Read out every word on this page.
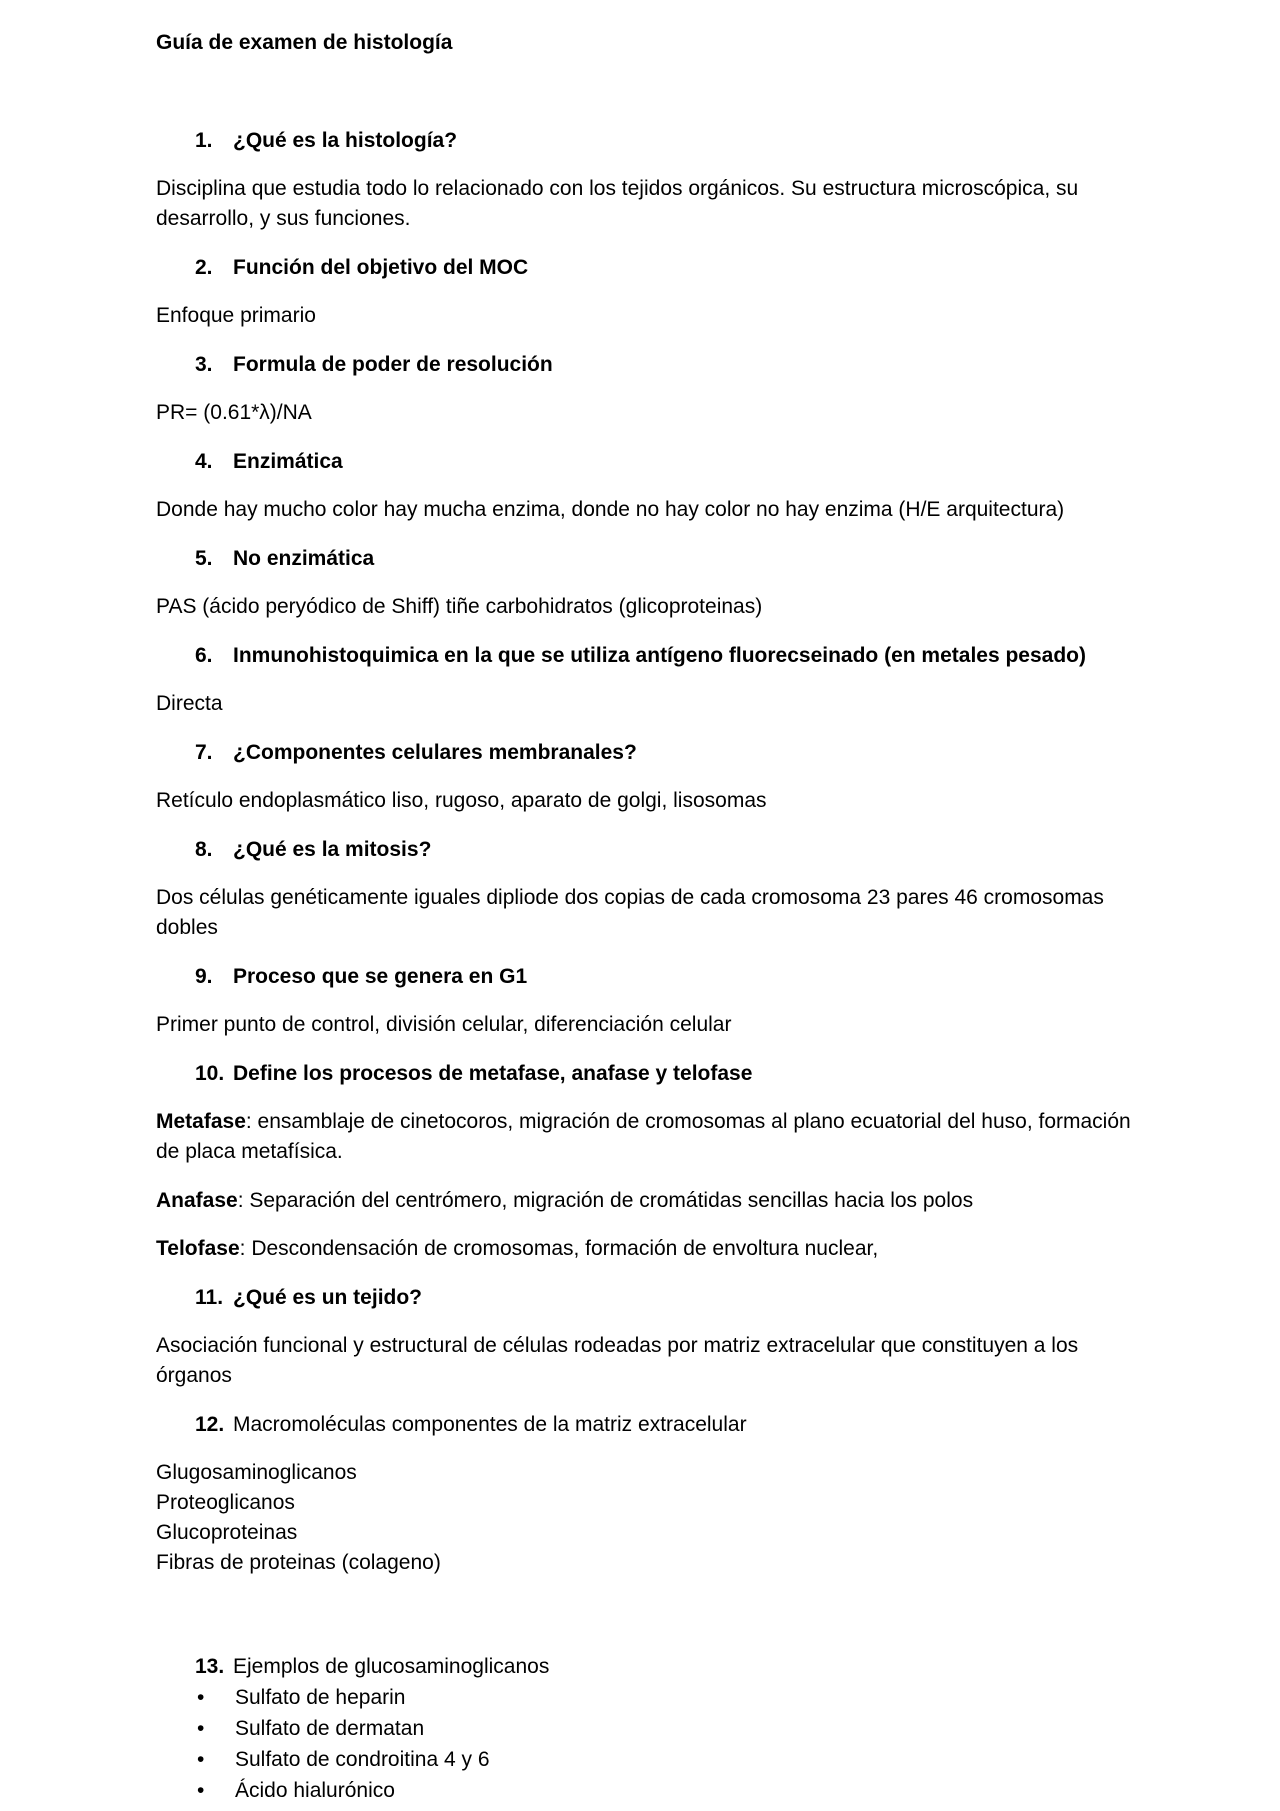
Guía de examen de histología
1. ¿Qué es la histología?
Disciplina que estudia todo lo relacionado con los tejidos orgánicos. Su estructura microscópica, su desarrollo, y sus funciones.
2. Función del objetivo del MOC
Enfoque primario
3. Formula de poder de resolución
PR= (0.61*λ)/NA
4. Enzimática
Donde hay mucho color hay mucha enzima, donde no hay color no hay enzima (H/E arquitectura)
5. No enzimática
PAS (ácido peryódico de Shiff) tiñe carbohidratos (glicoproteinas)
6. Inmunohistoquimica en la que se utiliza antígeno fluorecseinado (en metales pesado)
Directa
7. ¿Componentes celulares membranales?
Retículo endoplasmático liso, rugoso, aparato de golgi, lisosomas
8. ¿Qué es la mitosis?
Dos células genéticamente iguales dipliode dos copias de cada cromosoma 23 pares 46 cromosomas dobles
9. Proceso que se genera en G1
Primer punto de control, división celular, diferenciación celular
10. Define los procesos de metafase, anafase y telofase
Metafase: ensamblaje de cinetocoros, migración de cromosomas al plano ecuatorial del huso, formación de placa metafísica.
Anafase: Separación del centrómero, migración de cromátidas sencillas hacia los polos
Telofase: Descondensación de cromosomas, formación de envoltura nuclear,
11. ¿Qué es un tejido?
Asociación funcional y estructural de células rodeadas por matriz extracelular que constituyen a los órganos
12. Macromoléculas componentes de la matriz extracelular
Glugosaminoglicanos
Proteoglicanos
Glucoproteinas
Fibras de proteinas (colageno)
13. Ejemplos de glucosaminoglicanos
• Sulfato de heparin
• Sulfato de dermatan
• Sulfato de condroitina 4 y 6
• Ácido hialurónico
